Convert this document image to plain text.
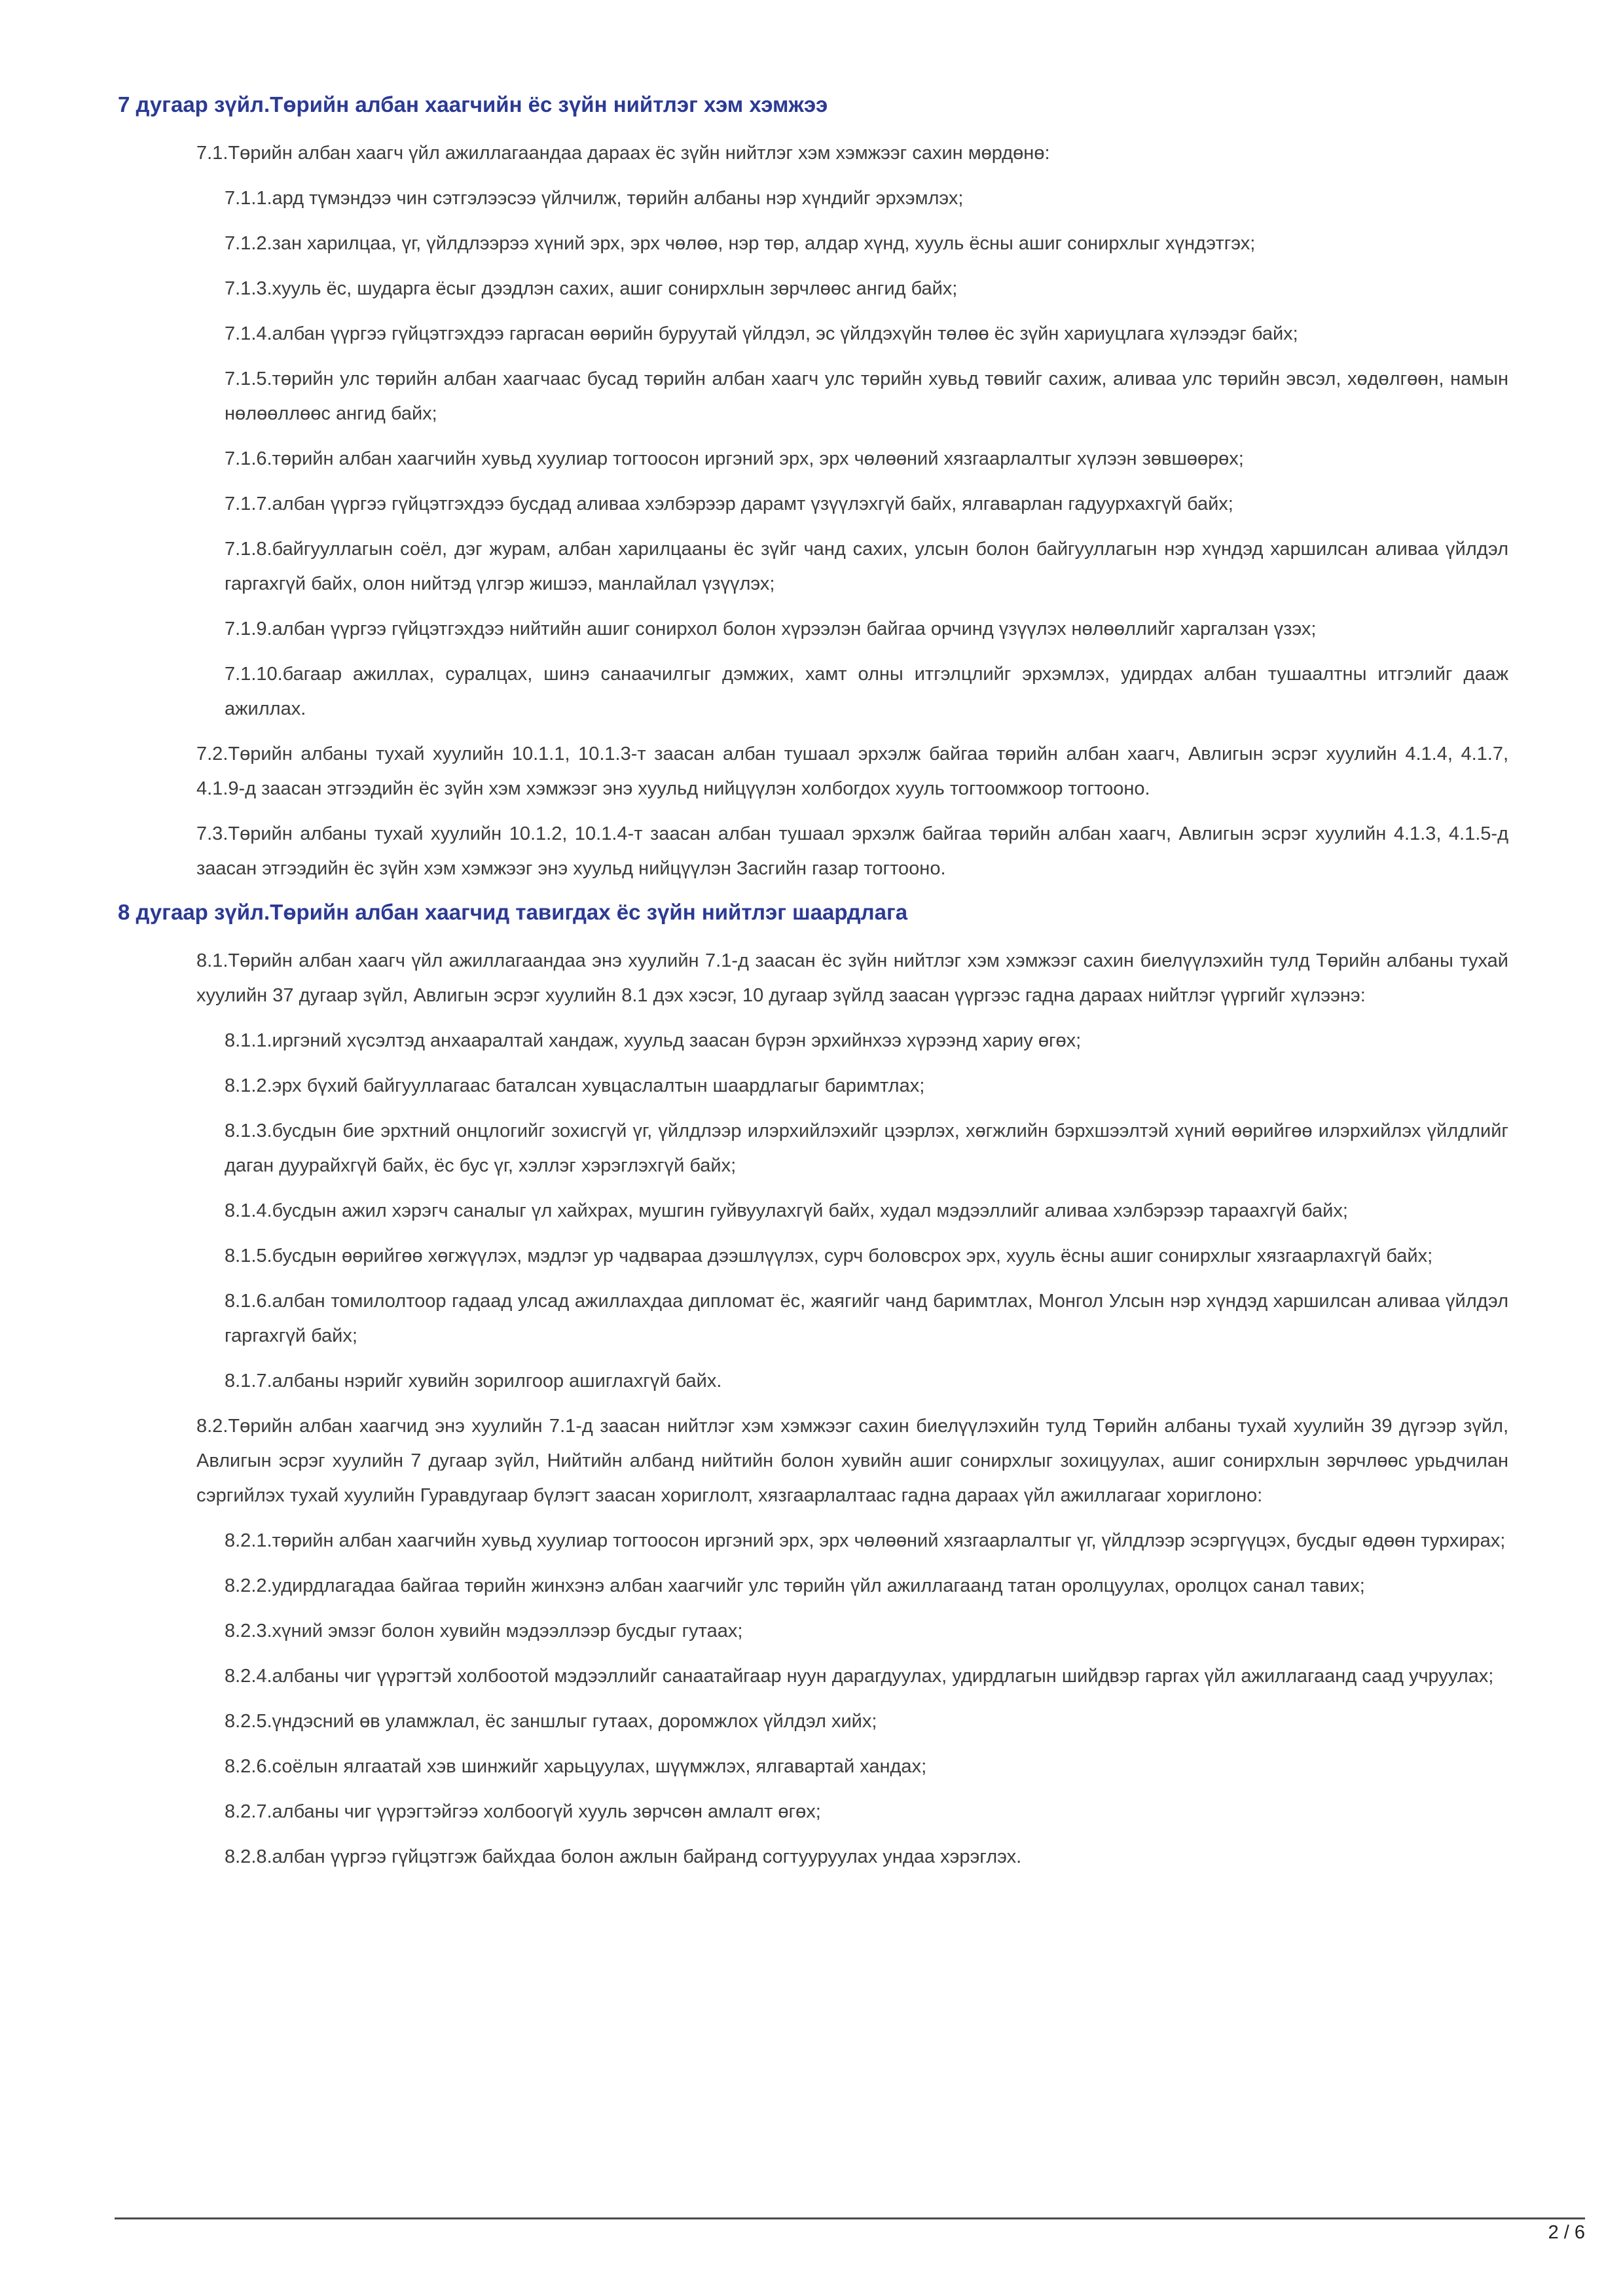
7 дугаар зүйл.Төрийн албан хаагчийн ёс зүйн нийтлэг хэм хэмжээ

7.1.Төрийн албан хаагч үйл ажиллагаандаа дараах ёс зүйн нийтлэг хэм хэмжээг сахин мөрдөнө:

7.1.1.ард түмэндээ чин сэтгэлээсээ үйлчилж, төрийн албаны нэр хүндийг эрхэмлэх;

7.1.2.зан харилцаа, үг, үйлдлээрээ хүний эрх, эрх чөлөө, нэр төр, алдар хүнд, хууль ёсны ашиг сонирхлыг хүндэтгэх;

7.1.3.хууль ёс, шударга ёсыг дээдлэн сахих, ашиг сонирхлын зөрчлөөс ангид байх;

7.1.4.албан үүргээ гүйцэтгэхдээ гаргасан өөрийн буруутай үйлдэл, эс үйлдэхүйн төлөө ёс зүйн хариуцлага хүлээдэг байх;

7.1.5.төрийн улс төрийн албан хаагчаас бусад төрийн албан хаагч улс төрийн хувьд төвийг сахиж, аливаа улс төрийн эвсэл, хөдөлгөөн, намын нөлөөллөөс ангид байх;

7.1.6.төрийн албан хаагчийн хувьд хуулиар тогтоосон иргэний эрх, эрх чөлөөний хязгаарлалтыг хүлээн зөвшөөрөх;

7.1.7.албан үүргээ гүйцэтгэхдээ бусдад аливаа хэлбэрээр дарамт үзүүлэхгүй байх, ялгаварлан гадуурхахгүй байх;

7.1.8.байгууллагын соёл, дэг журам, албан харилцааны ёс зүйг чанд сахих, улсын болон байгууллагын нэр хүндэд харшилсан аливаа үйлдэл гаргахгүй байх, олон нийтэд үлгэр жишээ, манлайлал үзүүлэх;

7.1.9.албан үүргээ гүйцэтгэхдээ нийтийн ашиг сонирхол болон хүрээлэн байгаа орчинд үзүүлэх нөлөөллийг харгалзан үзэх;

7.1.10.багаар ажиллах, суралцах, шинэ санаачилгыг дэмжих, хамт олны итгэлцлийг эрхэмлэх, удирдах албан тушаалтны итгэлийг дааж ажиллах.

7.2.Төрийн албаны тухай хуулийн 10.1.1, 10.1.3-т заасан албан тушаал эрхэлж байгаа төрийн албан хаагч, Авлигын эсрэг хуулийн 4.1.4, 4.1.7, 4.1.9-д заасан этгээдийн ёс зүйн хэм хэмжээг энэ хуульд нийцүүлэн холбогдох хууль тогтоомжоор тогтооно.

7.3.Төрийн албаны тухай хуулийн 10.1.2, 10.1.4-т заасан албан тушаал эрхэлж байгаа төрийн албан хаагч, Авлигын эсрэг хуулийн 4.1.3, 4.1.5-д заасан этгээдийн ёс зүйн хэм хэмжээг энэ хуульд нийцүүлэн Засгийн газар тогтооно.

8 дугаар зүйл.Төрийн албан хаагчид тавигдах ёс зүйн нийтлэг шаардлага

8.1.Төрийн албан хаагч үйл ажиллагаандаа энэ хуулийн 7.1-д заасан ёс зүйн нийтлэг хэм хэмжээг сахин биелүүлэхийн тулд Төрийн албаны тухай хуулийн 37 дугаар зүйл, Авлигын эсрэг хуулийн 8.1 дэх хэсэг, 10 дугаар зүйлд заасан үүргээс гадна дараах нийтлэг үүргийг хүлээнэ:

8.1.1.иргэний хүсэлтэд анхааралтай хандаж, хуульд заасан бүрэн эрхийнхээ хүрээнд хариу өгөх;

8.1.2.эрх бүхий байгууллагаас баталсан хувцаслалтын шаардлагыг баримтлах;

8.1.3.бусдын бие эрхтний онцлогийг зохисгүй үг, үйлдлээр илэрхийлэхийг цээрлэх, хөгжлийн бэрхшээлтэй хүний өөрийгөө илэрхийлэх үйлдлийг даган дуурайхгүй байх, ёс бус үг, хэллэг хэрэглэхгүй байх;

8.1.4.бусдын ажил хэрэгч саналыг үл хайхрах, мушгин гуйвуулахгүй байх, худал мэдээллийг аливаа хэлбэрээр тараахгүй байх;

8.1.5.бусдын өөрийгөө хөгжүүлэх, мэдлэг ур чадвараа дээшлүүлэх, сурч боловсрох эрх, хууль ёсны ашиг сонирхлыг хязгаарлахгүй байх;

8.1.6.албан томилолтоор гадаад улсад ажиллахдаа дипломат ёс, жаягийг чанд баримтлах, Монгол Улсын нэр хүндэд харшилсан аливаа үйлдэл гаргахгүй байх;

8.1.7.албаны нэрийг хувийн зорилгоор ашиглахгүй байх.

8.2.Төрийн албан хаагчид энэ хуулийн 7.1-д заасан нийтлэг хэм хэмжээг сахин биелүүлэхийн тулд Төрийн албаны тухай хуулийн 39 дүгээр зүйл, Авлигын эсрэг хуулийн 7 дугаар зүйл, Нийтийн албанд нийтийн болон хувийн ашиг сонирхлыг зохицуулах, ашиг сонирхлын зөрчлөөс урьдчилан сэргийлэх тухай хуулийн Гуравдугаар бүлэгт заасан хориглолт, хязгаарлалтаас гадна дараах үйл ажиллагааг хориглоно:

8.2.1.төрийн албан хаагчийн хувьд хуулиар тогтоосон иргэний эрх, эрх чөлөөний хязгаарлалтыг үг, үйлдлээр эсэргүүцэх, бусдыг өдөөн турхирах;

8.2.2.удирдлагадаа байгаа төрийн жинхэнэ албан хаагчийг улс төрийн үйл ажиллагаанд татан оролцуулах, оролцох санал тавих;

8.2.3.хүний эмзэг болон хувийн мэдээллээр бусдыг гутаах;

8.2.4.албаны чиг үүрэгтэй холбоотой мэдээллийг санаатайгаар нуун дарагдуулах, удирдлагын шийдвэр гаргах үйл ажиллагаанд саад учруулах;

8.2.5.үндэсний өв уламжлал, ёс заншлыг гутаах, доромжлох үйлдэл хийх;

8.2.6.соёлын ялгаатай хэв шинжийг харьцуулах, шүүмжлэх, ялгавартай хандах;

8.2.7.албаны чиг үүрэгтэйгээ холбоогүй хууль зөрчсөн амлалт өгөх;

8.2.8.албан үүргээ гүйцэтгэж байхдаа болон ажлын байранд согтууруулах ундаа хэрэглэх.

2 / 6
